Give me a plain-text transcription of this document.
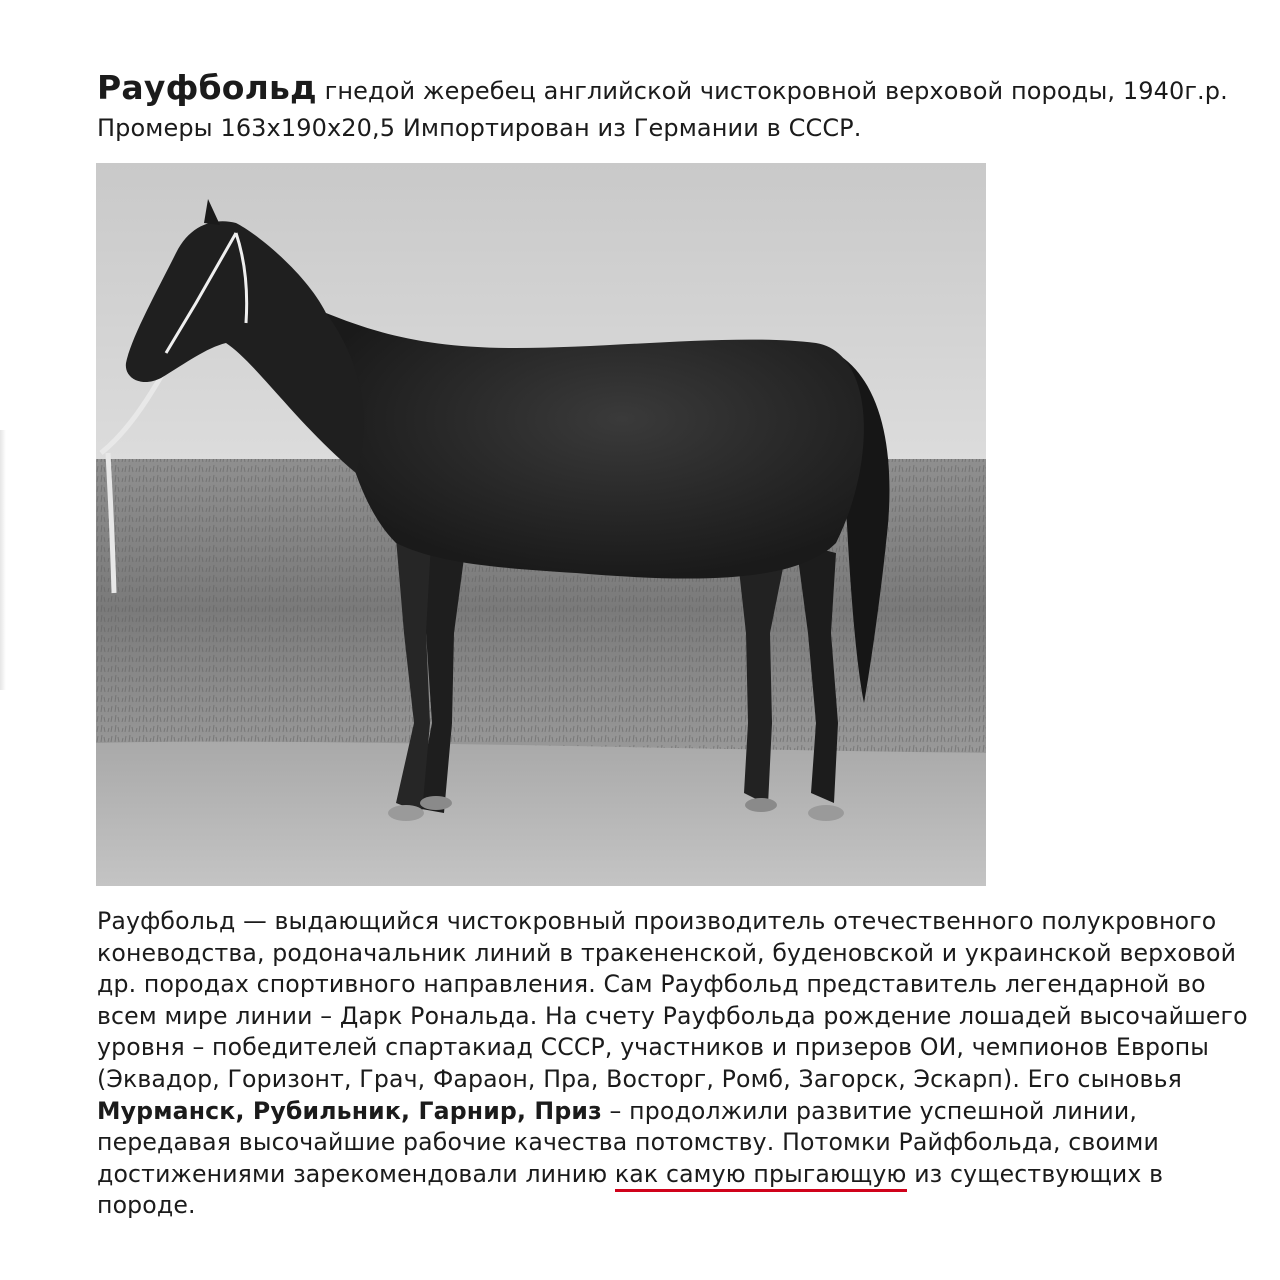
Рауфбольд гнедой жеребец английской чистокровной верховой породы, 1940г.р.
Промеры 163х190х20,5 Импортирован из Германии в СССР.
Рауфбольд — выдающийся чистокровный производитель отечественного полукровного
коневодства, родоначальник линий в тракененской, буденовской и украинской верховой
др. породах спортивного направления. Сам Рауфбольд представитель легендарной во
всем мире линии – Дарк Рональда. На счету Рауфбольда рождение лошадей высочайшего
уровня – победителей спартакиад СССР, участников и призеров ОИ, чемпионов Европы
(Эквадор, Горизонт, Грач, Фараон, Пра, Восторг, Ромб, Загорск, Эскарп). Его сыновья
Мурманск, Рубильник, Гарнир, Приз – продолжили развитие успешной линии,
передавая высочайшие рабочие качества потомству. Потомки Райфбольда, своими
достижениями зарекомендовали линию как самую прыгающую из существующих в
породе.
